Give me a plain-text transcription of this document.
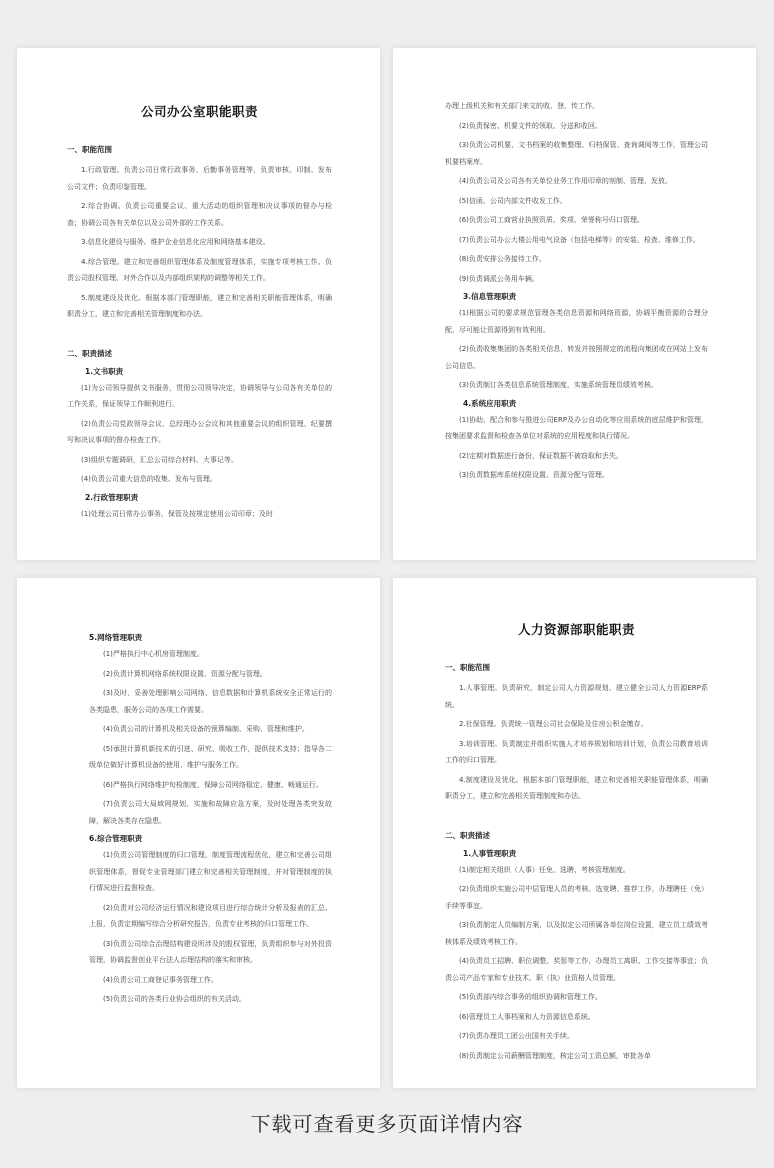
公司办公室职能职责
一、职能范围
1.行政管理。负责公司日常行政事务、后勤事务管理等，负责审核、印制、发布公司文件；负责印鉴管理。
2.综合协调。负责公司重要会议、重大活动的组织管理和决议事项的督办与检查；协调公司各有关单位以及公司外部的工作关系。
3.信息化建设与服务。维护企业信息化应用和网络基本建设。
4.综合管理。建立和完善组织管理体系及制度管理体系，实施专项考核工作。负责公司股权管理、对外合作以及内部组织架构的调整等相关工作。
5.制度建设及优化。根据本部门管理职能，建立和完善相关职能管理体系，明确职责分工，建立和完善相关管理制度和办法。
二、职责描述
1.文书职责
(1)为公司领导提供文书服务，贯彻公司领导决定，协调领导与公司各有关单位的工作关系，保证领导工作顺利进行。
(2)负责公司党政领导会议、总经理办公会议和其他重要会议的组织管理、纪要撰写和决议事项的督办检查工作。
(3)组织专题调研，汇总公司综合材料、大事记等。
(4)负责公司重大信息的收集、发布与管理。
2.行政管理职责
(1)处理公司日常办公事务，保管及按规定使用公司印章；及时
办理上级机关和有关部门来文的收、登、传工作。
(2)负责保密、机要文件的领取、分送和收回。
(3)负责公司机要、文书档案的收集整理、归档保管、查询调阅等工作，管理公司机要档案库。
(4)负责公司及公司各有关单位业务工作用印章的刻制、管理、发放。
(5)信函、公司内部文件收发工作。
(6)负责公司工商营业执照资质、奖项、荣誉称号归口管理。
(7)负责公司办公大楼公用电气设备（包括电梯等）的安装、检查、维修工作。
(8)负责安排公务接待工作。
(9)负责调派公务用车辆。
3.信息管理职责
(1)根据公司的要求规范管理各类信息资源和网络资源，协调平衡资源的合理分配，尽可能让资源得到有效利用。
(2)负责收集集团的各类相关信息，转发并按照规定的流程向集团或在网站上发布公司信息。
(3)负责制订各类信息系统管理制度，实施系统管理员绩效考核。
4.系统应用职责
(1)协助、配合和参与推进公司ERP及办公自动化等应用系统的底层维护和管理，按集团要求监督和检查各单位对系统的应用程度和执行情况。
(2)定期对数据进行备份，保证数据不被窃取和丢失。
(3)负责数据库系统权限设置、资源分配与管理。
5.网络管理职责
(1)严格执行中心机房管理制度。
(2)负责计算机网络系统权限设置、资源分配与管理。
(3)及时、妥善处理影响公司网络、信息数据和计算机系统安全正常运行的各类隐患，服务公司的各项工作需要。
(4)负责公司的计算机及相关设备的预算编制、采购、管理和维护。
(5)承担计算机新技术的引进、研究、吸收工作，提供技术支持；指导各二级单位做好计算机设备的使用、维护与服务工作。
(6)严格执行网络维护旬检制度，保障公司网络稳定、健康、畅通运行。
(7)负责公司大局域网规划、实施和故障应急方案，及时处理各类突发故障，解决各类存在隐患。
6.综合管理职责
(1)负责公司管理制度的归口管理，制度管理流程优化，建立和完善公司组织管理体系，督促专业管理部门建立和完善相关管理制度，并对管理制度的执行情况进行监督检查。
(2)负责对公司经济运行情况和建设项目进行综合统计分析及报表的汇总、上报，负责定期编写综合分析研究报告，负责专业考核的归口管理工作。
(3)负责公司综合治理结构建设所涉及的股权管理，负责组织参与对外投资管理，协调监督创业平台法人治理结构的落实和审核。
(4)负责公司工商登记事务管理工作。
(5)负责公司的各类行业协会组织的有关活动。
人力资源部职能职责
一、职能范围
1.人事管理。负责研究、制定公司人力资源规划、建立健全公司人力资源ERP系统。
2.社保管理。负责统一管理公司社会保险及住房公积金缴存。
3.培训管理。负责制定并组织实施人才培养规划和培训计划，负责公司教育培训工作的归口管理。
4.制度建设及优化。根据本部门管理职能，建立和完善相关职能管理体系，明确职责分工，建立和完善相关管理制度和办法。
二、职责描述
1.人事管理职责
(1)制定相关组织（人事）任免、选聘、考核管理制度。
(2)负责组织实施公司中层管理人员的考核、选竞聘、推荐工作，办理聘任（免）手续等事宜。
(3)负责制定人员编制方案，以及拟定公司所属各单位岗位设置，建立员工绩效考核体系及绩效考核工作。
(4)负责员工招聘、职位调整、奖惩等工作，办理员工离职、工作交接等事宜；负责公司产品专家和专业技术、职（执）业资格人员管理。
(5)负责部内综合事务的组织协调和管理工作。
(6)管理员工人事档案和人力资源信息系统。
(7)负责办理员工团公出国有关手续。
(8)负责制定公司薪酬管理制度，核定公司工资总额，审批各单
下载可查看更多页面详情内容
